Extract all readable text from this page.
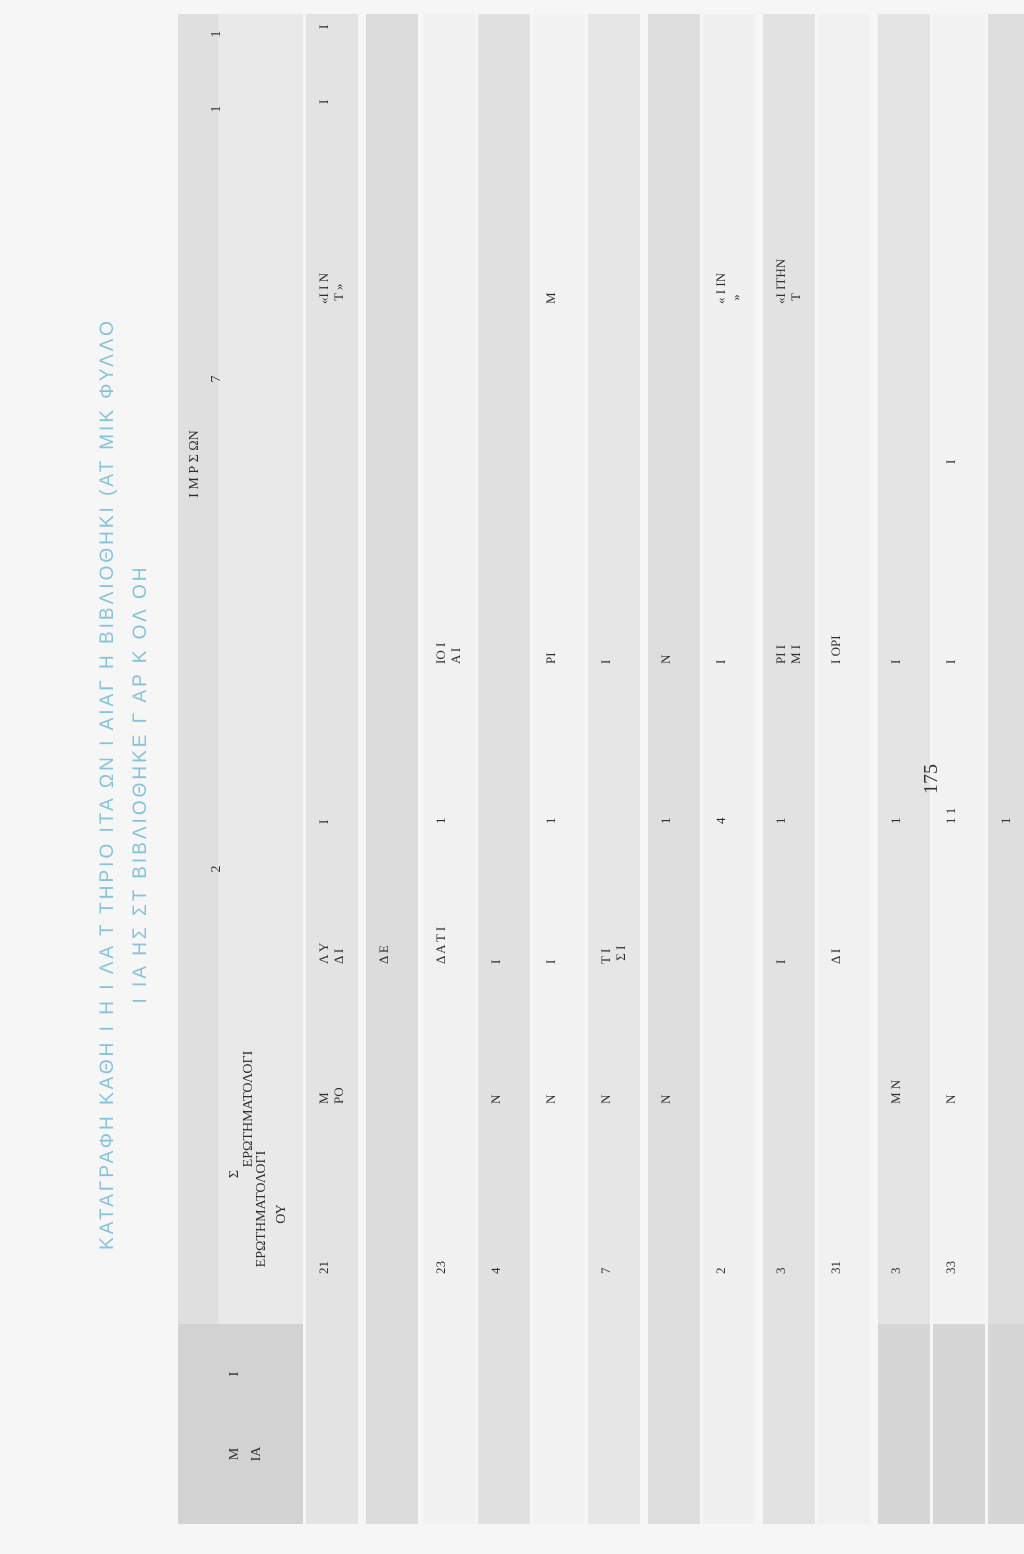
ΚΑΤΑΓΡΑΦΗ ΚΑΘΗ Ι Η Ι ΛΑ Τ ΤΗΡΙΟ ΙΤΑ ΩΝ Ι ΑΙΑΓ Η ΒΙΒΛΙΟΘΗΚΙ (ΑΤ ΜΙΚ ΦΥΛΛΟ Ι ΙΑ ΗΣ ΣΤ ΒΙΒΛΙΟΘΗΚΕ Γ ΑΡ Κ ΟΛ ΟΗ
Μ ΙΑ
Ι
ΕΡΩΤΗΜΑΤΟΛΟΓΙ
Σ
ΟΥ
ΕΡΩΤΗΜΑΤΟΛΟΓΙ
Ι Μ Ρ Σ ΩΝ
2
7
1
1
21
Μ
ΡΟ
Λ Υ
Δ Ι
Ι
«Ι Ι Ν
Τ »
Ι
Ι
Δ Ε
23
Δ Α Τ Ι
1
ΙΟ Ι
Α Ι
4
Ν
Ι
Ν
Ι
1
ΡΙ
Μ
7
Ν
Τ Ι
Σ Ι
Ι
Ν
1
Ν
2
4
Ι
« Ι ΙΝ
»
3
Ι
1
ΡΙ Ι
Μ Ι
«Ι ΙΤΗΝ
Τ
31
Δ Ι
Ι ΟΡΙ
3
Μ Ν
1
Ι
33
Ν
1 1
Ι
Ι
1
175
